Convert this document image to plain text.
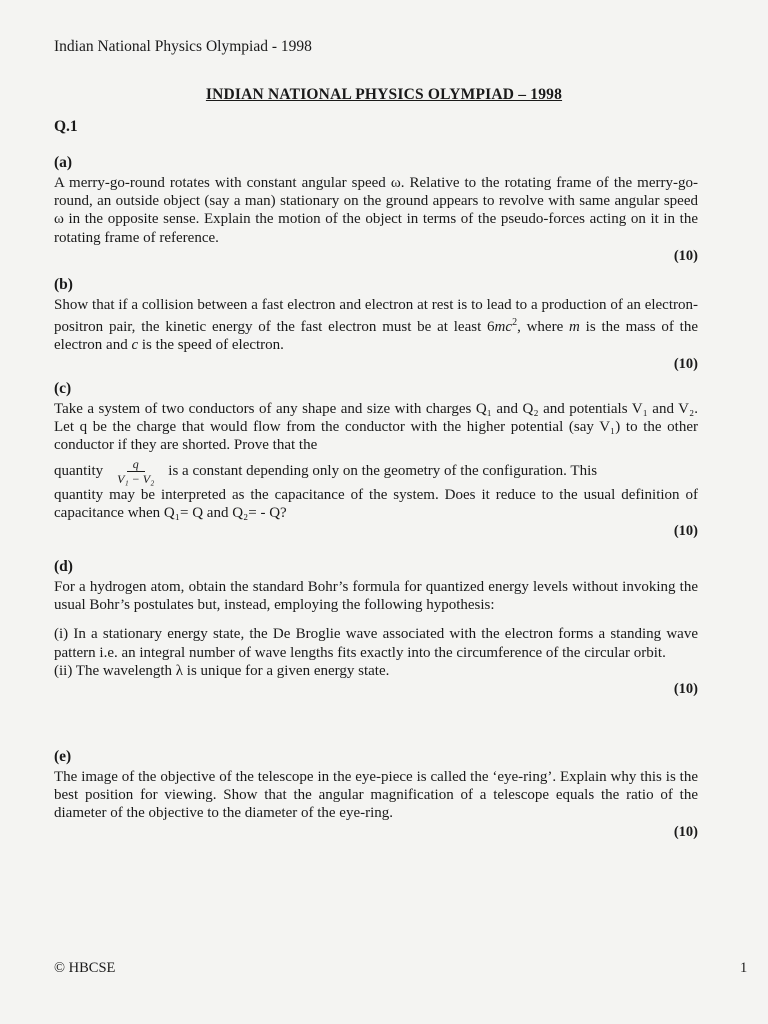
Indian National Physics Olympiad - 1998
INDIAN NATIONAL PHYSICS OLYMPIAD – 1998
Q.1
(a)
A merry-go-round rotates with constant angular speed ω. Relative to the rotating frame of the merry-go-round, an outside object (say a man) stationary on the ground appears to revolve with same angular speed ω in the opposite sense. Explain the motion of the object in terms of the pseudo-forces acting on it in the rotating frame of reference.
(10)
(b)
Show that if a collision between a fast electron and electron at rest is to lead to a production of an electron-positron pair, the kinetic energy of the fast electron must be at least $6mc^2$, where m is the mass of the electron and c is the speed of electron.
(10)
(c)
Take a system of two conductors of any shape and size with charges Q₁ and Q₂ and potentials V₁ and V₂. Let q be the charge that would flow from the conductor with the higher potential (say V₁) to the other conductor if they are shorted. Prove that the
quantity $\frac{q}{\text{V₁ − V₂}}$ is a constant depending only on the geometry of the configuration. This
quantity may be interpreted as the capacitance of the system. Does it reduce to the usual definition of capacitance when Q₁= Q and Q₂= - Q?
(10)
(d)
For a hydrogen atom, obtain the standard Bohr’s formula for quantized energy levels without invoking the usual Bohr’s postulates but, instead, employing the following hypothesis:
(i) In a stationary energy state, the De Broglie wave associated with the electron forms a standing wave pattern i.e. an integral number of wave lengths fits exactly into the circumference of the circular orbit.
(ii) The wavelength λ is unique for a given energy state.
(10)
(e)
The image of the objective of the telescope in the eye-piece is called the ‘eye-ring’. Explain why this is the best position for viewing. Show that the angular magnification of a telescope equals the ratio of the diameter of the objective to the diameter of the eye-ring.
(10)
© HBCSE	1
